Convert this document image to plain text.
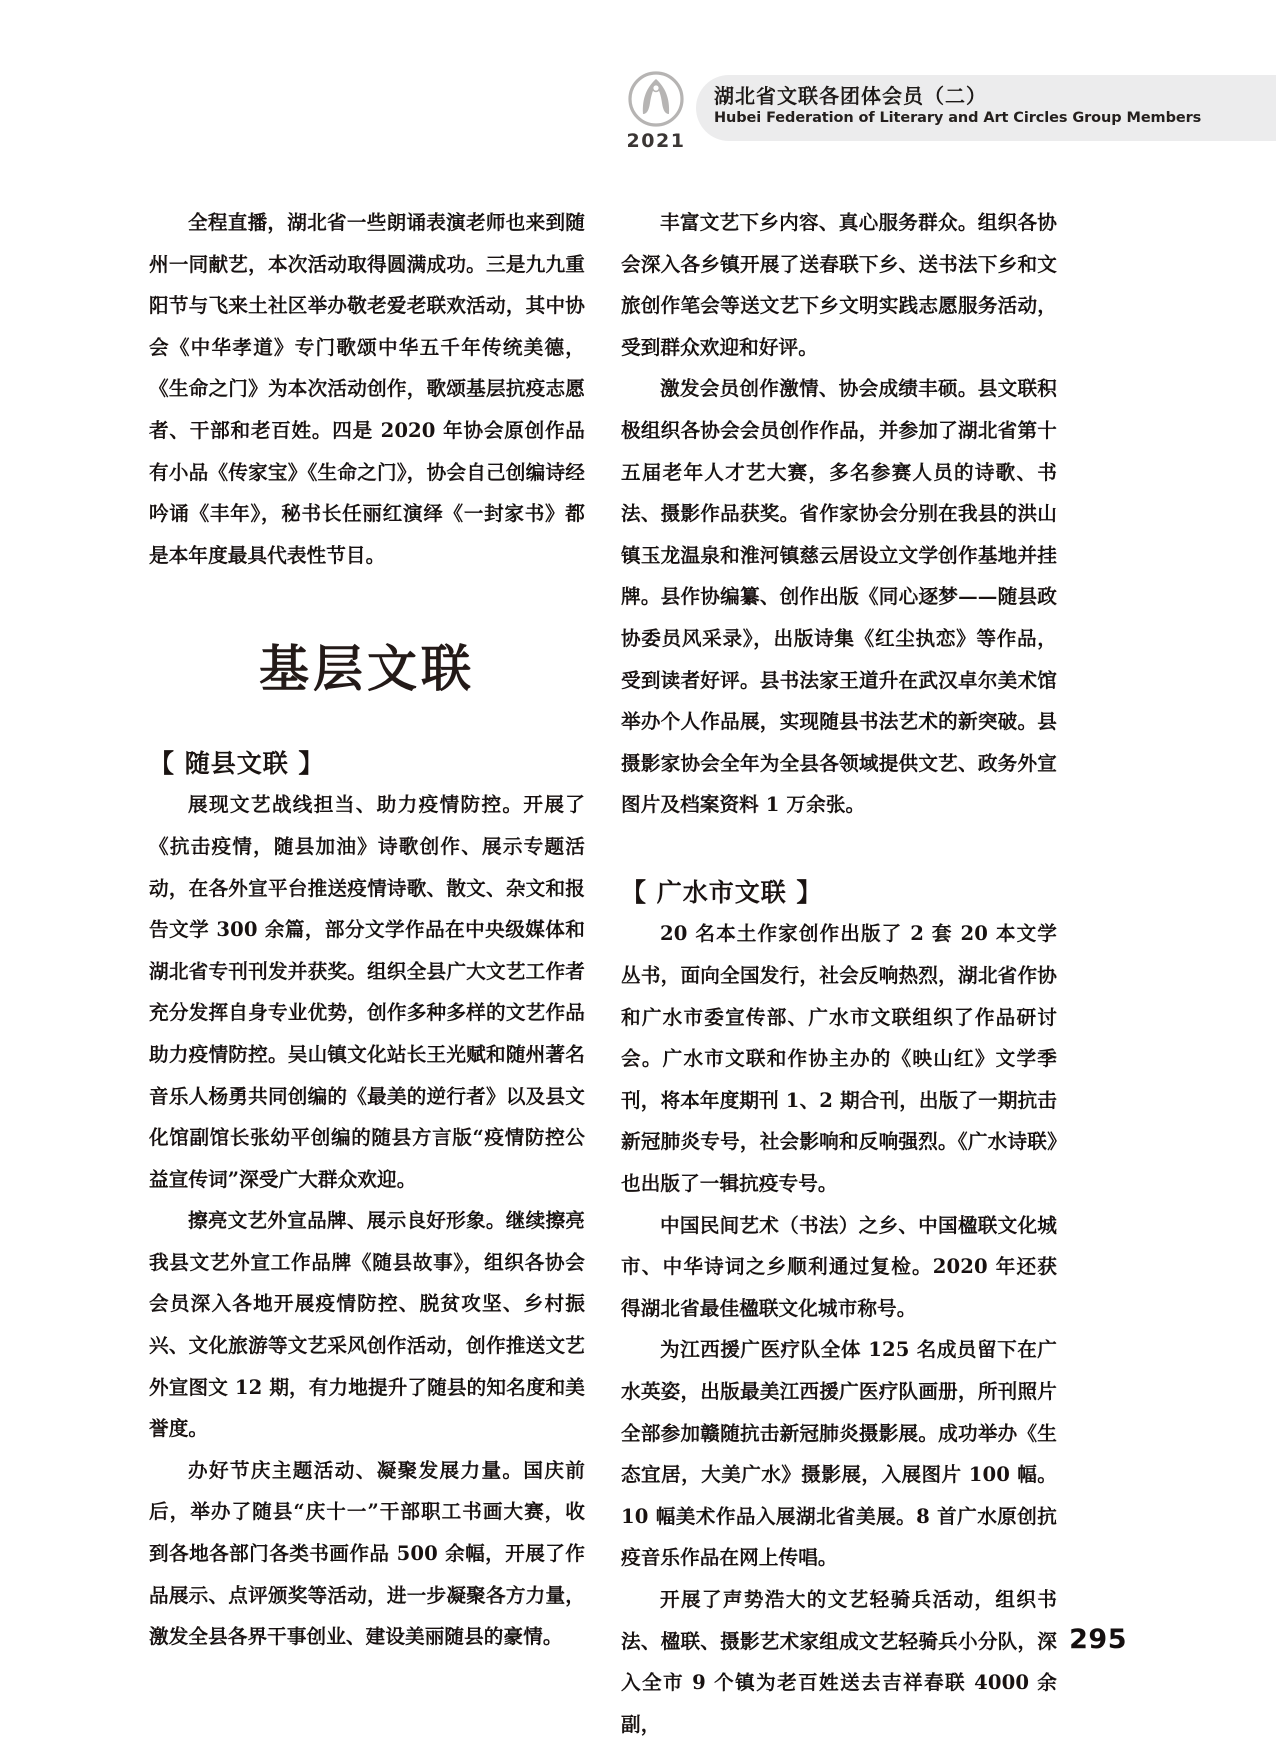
2021
湖北省文联各团体会员（二）
Hubei Federation of Literary and Art Circles Group Members

全程直播，湖北省一些朗诵表演老师也来到随州一同献艺，本次活动取得圆满成功。三是九九重阳节与飞来土社区举办敬老爱老联欢活动，其中协会《中华孝道》专门歌颂中华五千年传统美德，《生命之门》为本次活动创作，歌颂基层抗疫志愿者、干部和老百姓。四是 2020 年协会原创作品有小品《传家宝》《生命之门》，协会自己创编诗经吟诵《丰年》，秘书长任丽红演绎《一封家书》都是本年度最具代表性节目。

基层文联
【 随县文联 】

展现文艺战线担当、助力疫情防控。开展了《抗击疫情，随县加油》诗歌创作、展示专题活动，在各外宣平台推送疫情诗歌、散文、杂文和报告文学 300 余篇，部分文学作品在中央级媒体和湖北省专刊刊发并获奖。组织全县广大文艺工作者充分发挥自身专业优势，创作多种多样的文艺作品助力疫情防控。吴山镇文化站长王光赋和随州著名音乐人杨勇共同创编的《最美的逆行者》以及县文化馆副馆长张幼平创编的随县方言版“疫情防控公益宣传词”深受广大群众欢迎。

擦亮文艺外宣品牌、展示良好形象。继续擦亮我县文艺外宣工作品牌《随县故事》，组织各协会会员深入各地开展疫情防控、脱贫攻坚、乡村振兴、文化旅游等文艺采风创作活动，创作推送文艺外宣图文 12 期，有力地提升了随县的知名度和美誉度。

办好节庆主题活动、凝聚发展力量。国庆前后，举办了随县“庆十一”干部职工书画大赛，收到各地各部门各类书画作品 500 余幅，开展了作品展示、点评颁奖等活动，进一步凝聚各方力量，激发全县各界干事创业、建设美丽随县的豪情。

丰富文艺下乡内容、真心服务群众。组织各协会深入各乡镇开展了送春联下乡、送书法下乡和文旅创作笔会等送文艺下乡文明实践志愿服务活动，受到群众欢迎和好评。

激发会员创作激情、协会成绩丰硕。县文联积极组织各协会会员创作作品，并参加了湖北省第十五届老年人才艺大赛，多名参赛人员的诗歌、书法、摄影作品获奖。省作家协会分别在我县的洪山镇玉龙温泉和淮河镇慈云居设立文学创作基地并挂牌。县作协编纂、创作出版《同心逐梦——随县政协委员风采录》，出版诗集《红尘执恋》等作品，受到读者好评。县书法家王道升在武汉卓尔美术馆举办个人作品展，实现随县书法艺术的新突破。县摄影家协会全年为全县各领域提供文艺、政务外宣图片及档案资料 1 万余张。

【 广水市文联 】

20 名本土作家创作出版了 2 套 20 本文学丛书，面向全国发行，社会反响热烈，湖北省作协和广水市委宣传部、广水市文联组织了作品研讨会。广水市文联和作协主办的《映山红》文学季刊，将本年度期刊 1、2 期合刊，出版了一期抗击新冠肺炎专号，社会影响和反响强烈。《广水诗联》也出版了一辑抗疫专号。

中国民间艺术（书法）之乡、中国楹联文化城市、中华诗词之乡顺利通过复检。2020 年还获得湖北省最佳楹联文化城市称号。

为江西援广医疗队全体 125 名成员留下在广水英姿，出版最美江西援广医疗队画册，所刊照片全部参加赣随抗击新冠肺炎摄影展。成功举办《生态宜居，大美广水》摄影展，入展图片 100 幅。10 幅美术作品入展湖北省美展。8 首广水原创抗疫音乐作品在网上传唱。

开展了声势浩大的文艺轻骑兵活动，组织书法、楹联、摄影艺术家组成文艺轻骑兵小分队，深入全市 9 个镇为老百姓送去吉祥春联 4000 余副，

295
